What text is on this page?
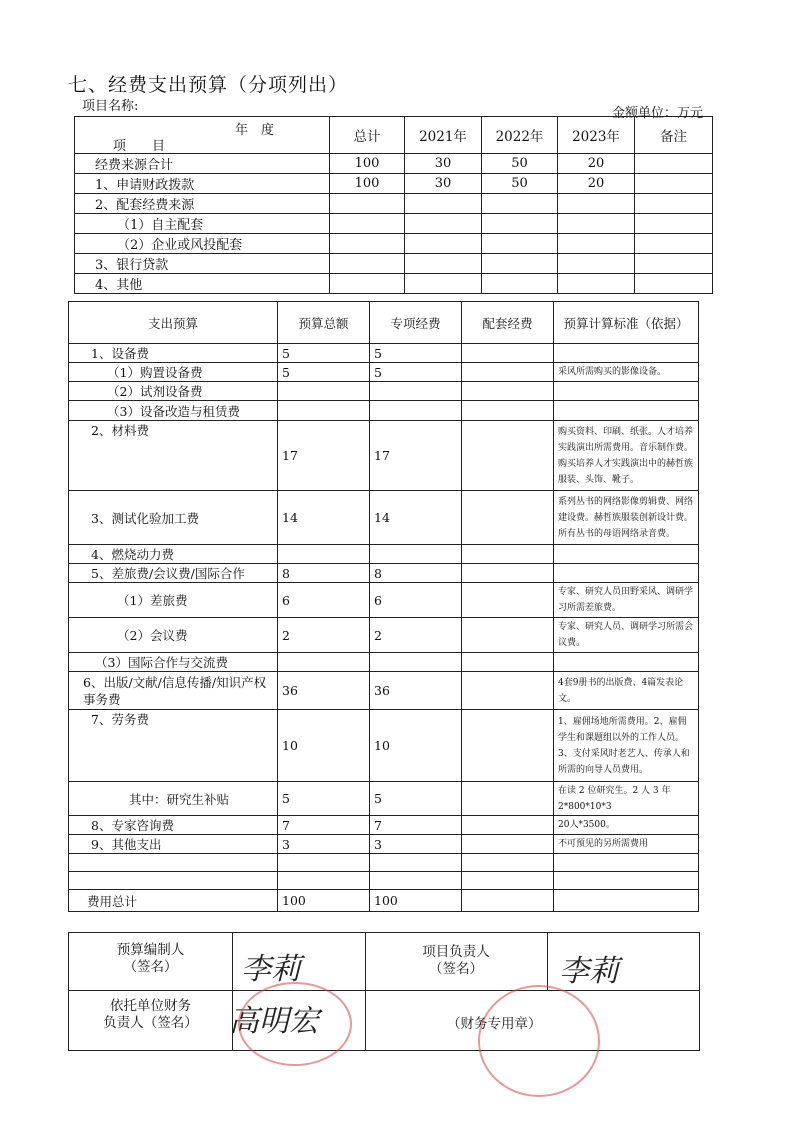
七、经费支出预算（分项列出）
项目名称:	金额单位：万元
年　度
项　　目	总计	2021年	2022年	2023年	备注
经费来源合计	100	30	50	20	
1、申请财政拨款	100	30	50	20	
2、配套经费来源					
（1）自主配套					
（2）企业或风投配套					
3、银行贷款					
4、其他					
支出预算	预算总额	专项经费	配套经费	预算计算标准（依据）
1、设备费	5	5		
（1）购置设备费	5	5		采风所需购买的影像设备。
（2）试剂设备费				
（3）设备改造与租赁费				
2、材料费	17	17		购买资料、印刷、纸张。人才培养实践演出所需费用。音乐制作费。购买培养人才实践演出中的赫哲族服装、头饰、靴子。
3、测试化验加工费	14	14		系列丛书的网络影像剪辑费、网络建设费。赫哲族服装创新设计费。所有丛书的母语网络录音费。
4、燃烧动力费				
5、差旅费/会议费/国际合作	8	8		
（1）差旅费	6	6		专家、研究人员田野采风、调研学习所需差旅费。
（2）会议费	2	2		专家、研究人员、调研学习所需会议费。
（3）国际合作与交流费				
6、出版/文献/信息传播/知识产权事务费	36	36		4套9册书的出版费、4篇发表论文。
7、劳务费	10	10		1、雇佣场地所需费用。2、雇佣学生和课题组以外的工作人员。3、支付采风时老艺人、传承人和所需的向导人员费用。
其中：研究生补贴	5	5		在读 2 位研究生。2 人 3 年 2*800*10*3
8、专家咨询费	7	7		20人*3500。
9、其他支出	3	3		不可预见的另所需费用

费用总计	100	100		
预算编制人
（签名）	李莉	项目负责人
（签名）	李莉
依托单位财务
负责人（签名）	高明宏	（财务专用章）
